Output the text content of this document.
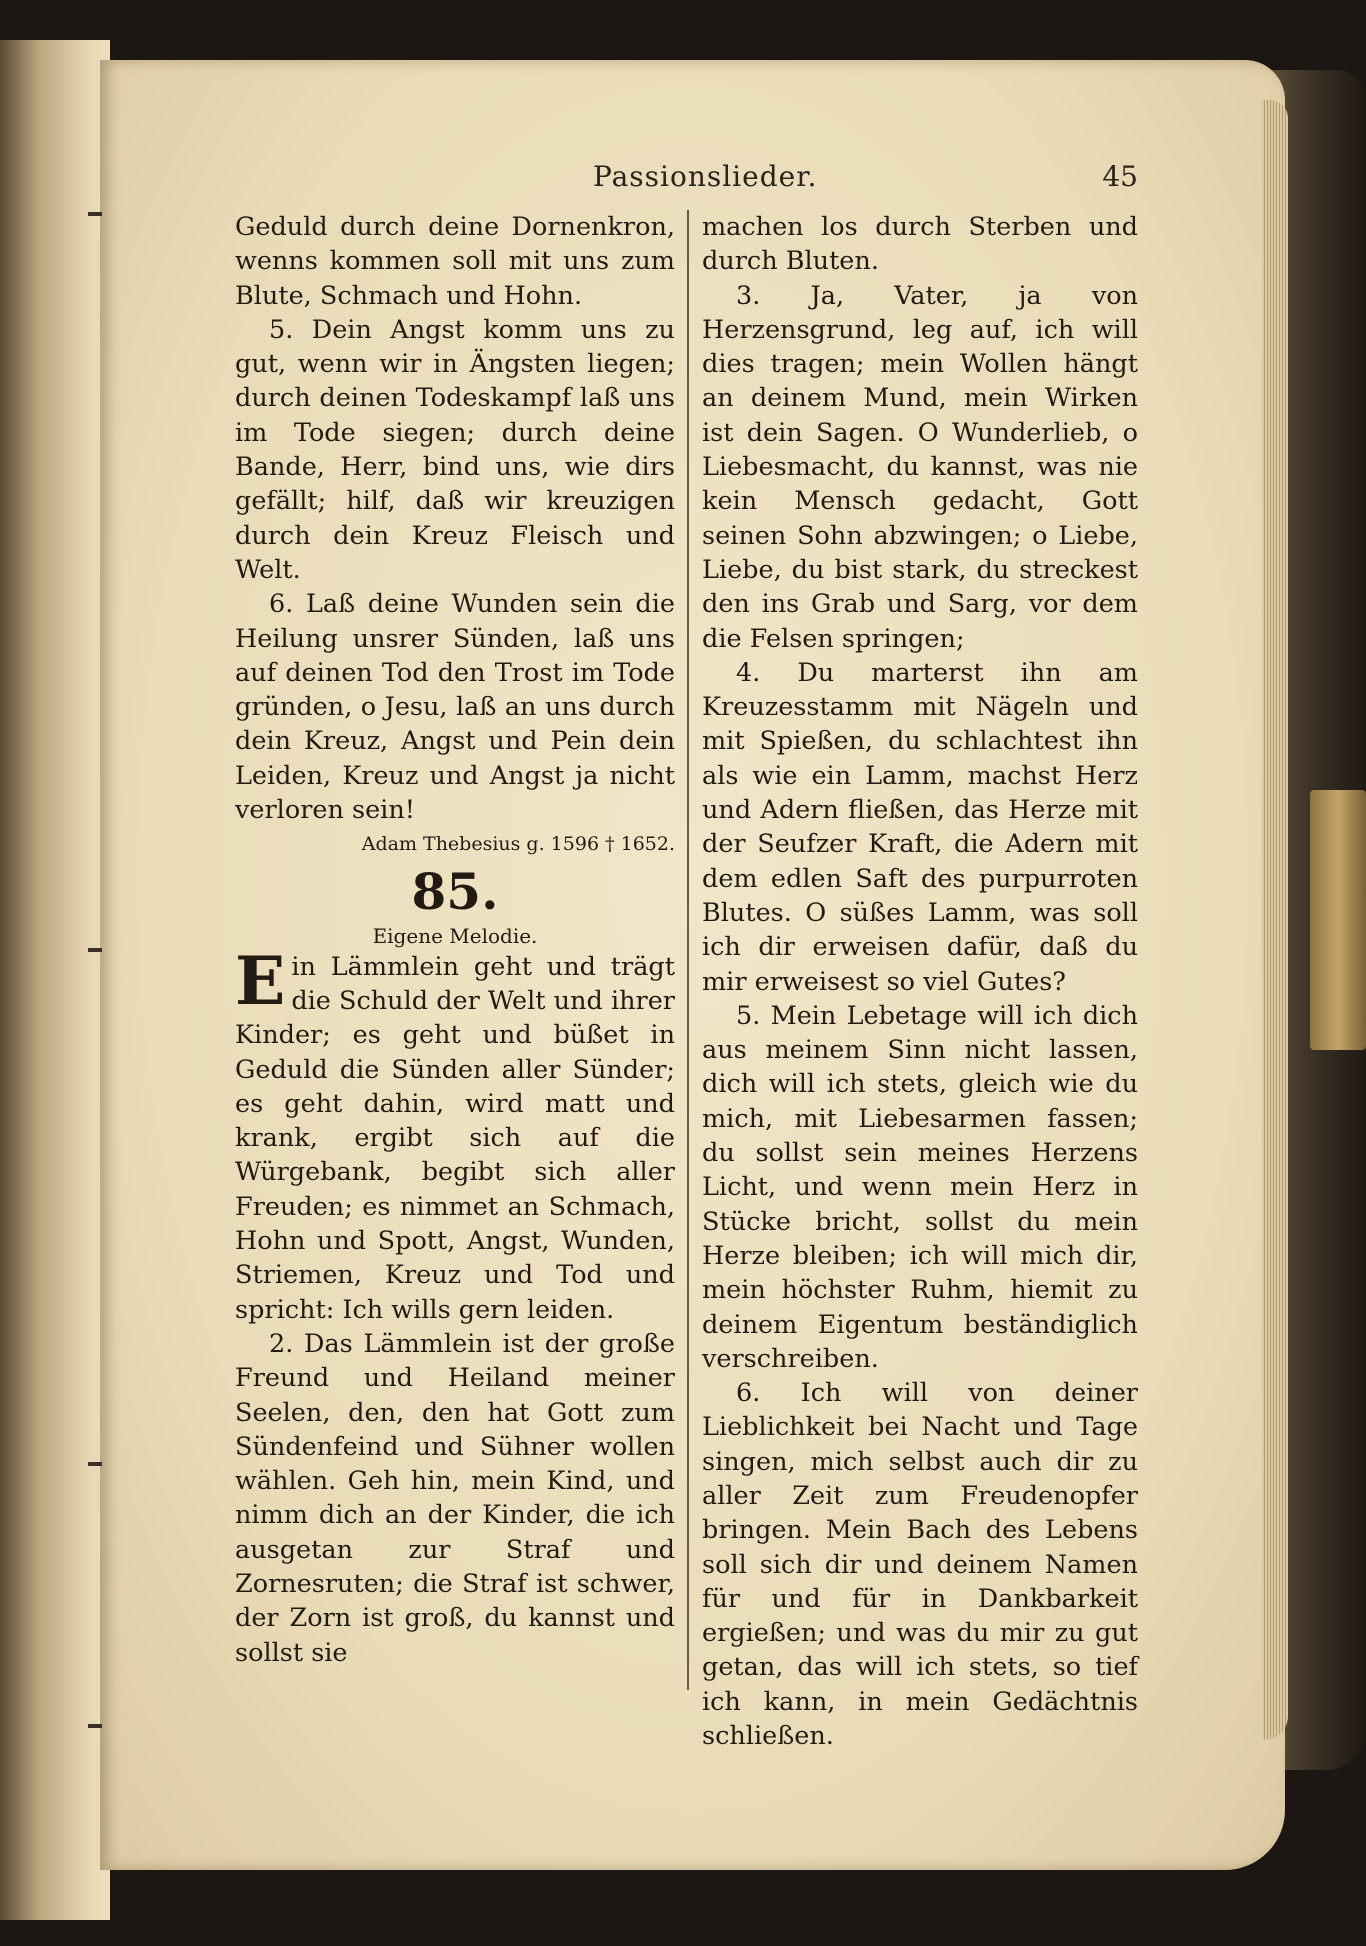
Passionslieder.	45

Geduld durch deine Dornenkron, wenns kommen soll mit uns zum Blute, Schmach und Hohn.

5. Dein Angst komm uns zu gut, wenn wir in Ängsten liegen; durch deinen Todeskampf laß uns im Tode siegen; durch deine Bande, Herr, bind uns, wie dirs gefällt; hilf, daß wir kreuzigen durch dein Kreuz Fleisch und Welt.

6. Laß deine Wunden sein die Heilung unsrer Sünden, laß uns auf deinen Tod den Trost im Tode gründen, o Jesu, laß an uns durch dein Kreuz, Angst und Pein dein Leiden, Kreuz und Angst ja nicht verloren sein!

Adam Thebesius g. 1596 † 1652.

85.

Eigene Melodie.

Ein Lämmlein geht und trägt die Schuld der Welt und ihrer Kinder; es geht und büßet in Geduld die Sünden aller Sünder; es geht dahin, wird matt und krank, ergibt sich auf die Würgebank, begibt sich aller Freuden; es nimmet an Schmach, Hohn und Spott, Angst, Wunden, Striemen, Kreuz und Tod und spricht: Ich wills gern leiden.

2. Das Lämmlein ist der große Freund und Heiland meiner Seelen, den, den hat Gott zum Sündenfeind und Sühner wollen wählen. Geh hin, mein Kind, und nimm dich an der Kinder, die ich ausgetan zur Straf und Zornesruten; die Straf ist schwer, der Zorn ist groß, du kannst und sollst sie

machen los durch Sterben und durch Bluten.

3. Ja, Vater, ja von Herzensgrund, leg auf, ich will dies tragen; mein Wollen hängt an deinem Mund, mein Wirken ist dein Sagen. O Wunderlieb, o Liebesmacht, du kannst, was nie kein Mensch gedacht, Gott seinen Sohn abzwingen; o Liebe, Liebe, du bist stark, du streckest den ins Grab und Sarg, vor dem die Felsen springen;

4. Du marterst ihn am Kreuzesstamm mit Nägeln und mit Spießen, du schlachtest ihn als wie ein Lamm, machst Herz und Adern fließen, das Herze mit der Seufzer Kraft, die Adern mit dem edlen Saft des purpurroten Blutes. O süßes Lamm, was soll ich dir erweisen dafür, daß du mir erweisest so viel Gutes?

5. Mein Lebetage will ich dich aus meinem Sinn nicht lassen, dich will ich stets, gleich wie du mich, mit Liebesarmen fassen; du sollst sein meines Herzens Licht, und wenn mein Herz in Stücke bricht, sollst du mein Herze bleiben; ich will mich dir, mein höchster Ruhm, hiemit zu deinem Eigentum beständiglich verschreiben.

6. Ich will von deiner Lieblichkeit bei Nacht und Tage singen, mich selbst auch dir zu aller Zeit zum Freudenopfer bringen. Mein Bach des Lebens soll sich dir und deinem Namen für und für in Dankbarkeit ergießen; und was du mir zu gut getan, das will ich stets, so tief ich kann, in mein Gedächtnis schließen.
